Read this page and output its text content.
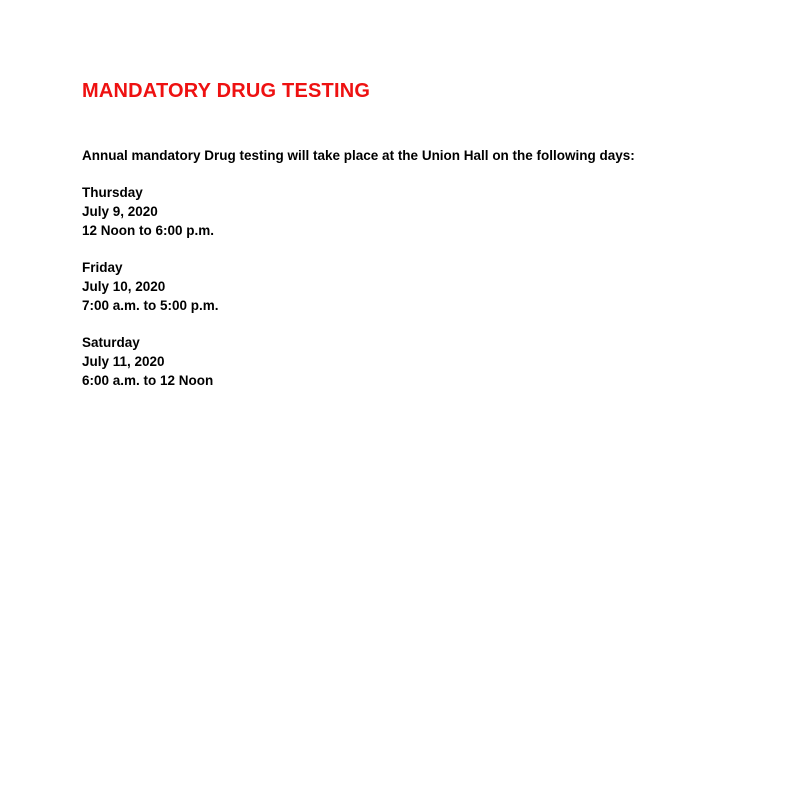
MANDATORY DRUG TESTING

Annual mandatory Drug testing will take place at the Union Hall on the following days:

Thursday
July 9, 2020
12 Noon to 6:00 p.m.
Friday
July 10, 2020
7:00 a.m. to 5:00 p.m.
Saturday
July 11, 2020
6:00 a.m. to 12 Noon
